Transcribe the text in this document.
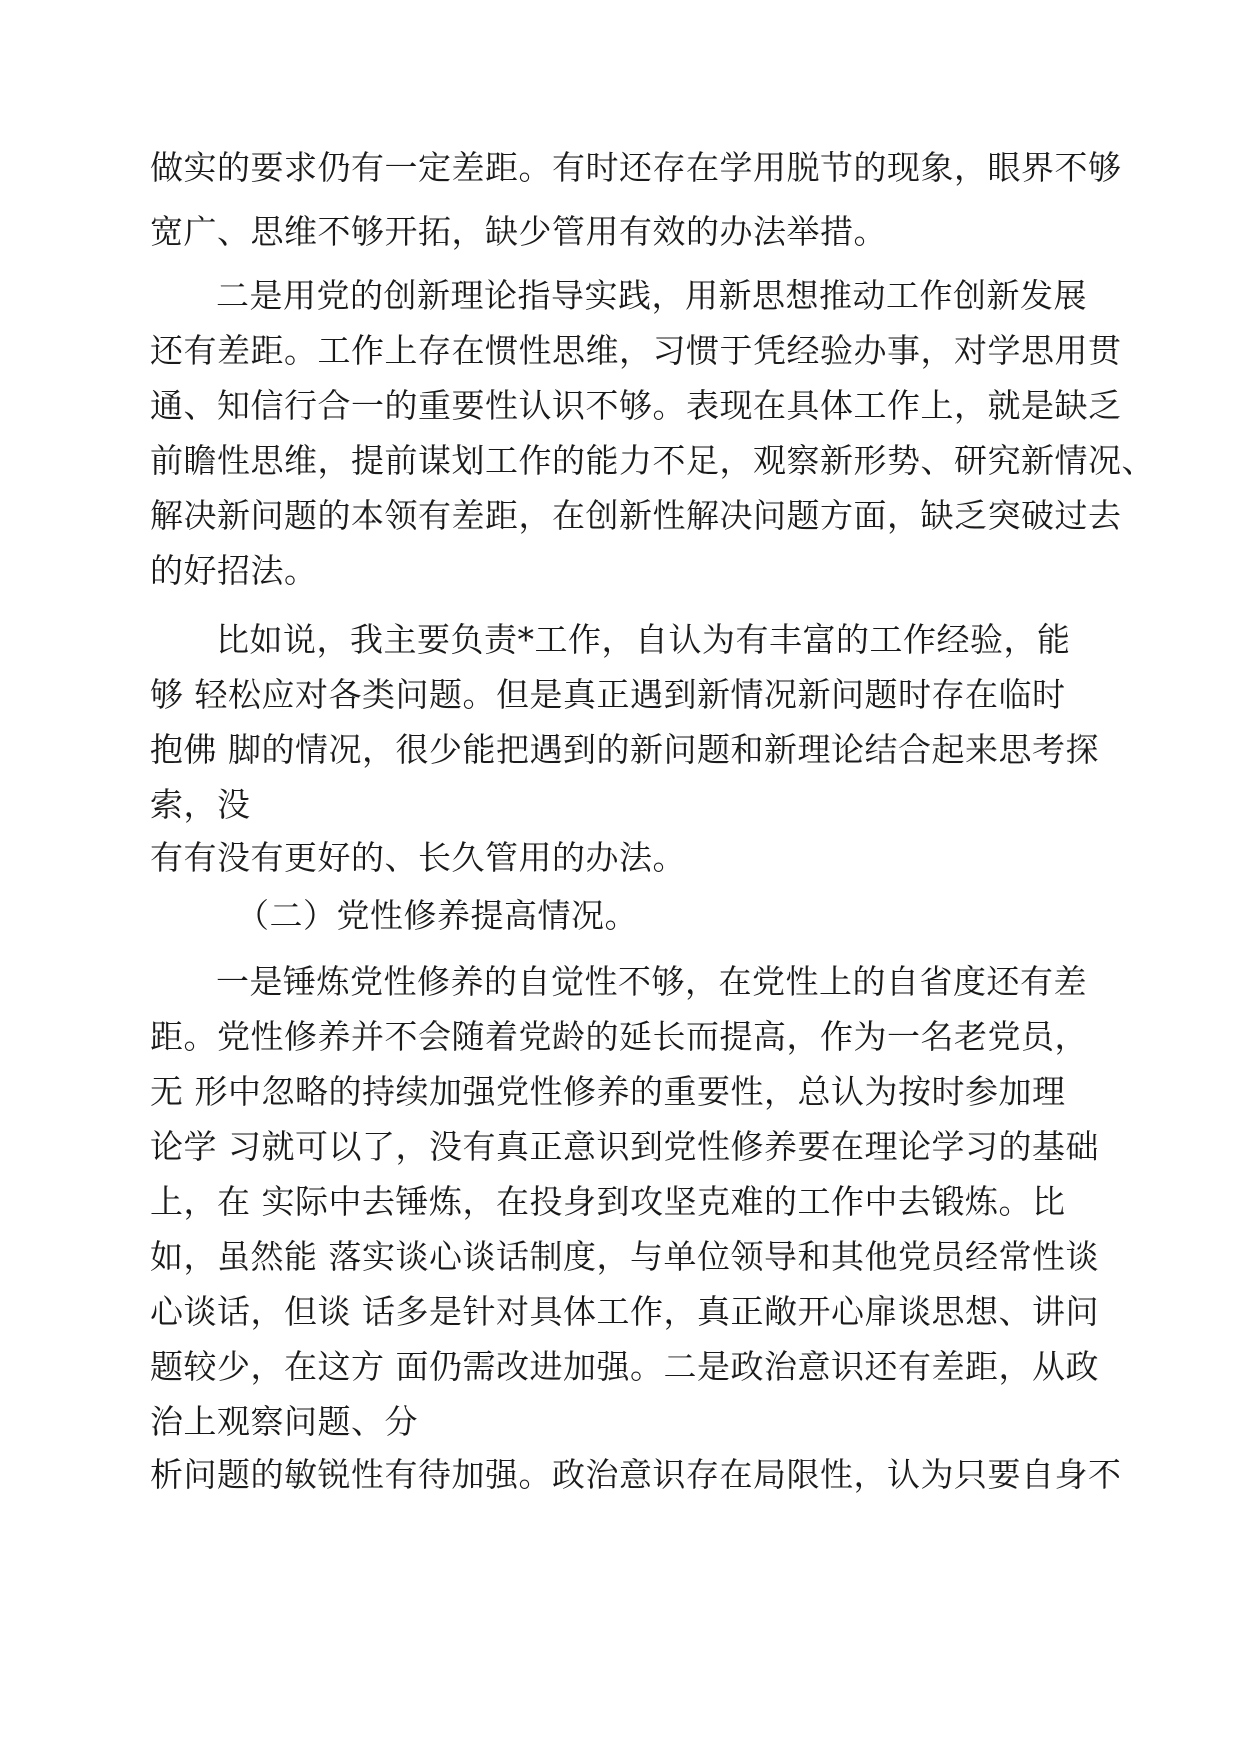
做实的要求仍有一定差距。有时还存在学用脱节的现象，眼界不够
宽广、思维不够开拓，缺少管用有效的办法举措。
二是用党的创新理论指导实践，用新思想推动工作创新发展
还有差距。工作上存在惯性思维，习惯于凭经验办事，对学思用贯
通、知信行合一的重要性认识不够。表现在具体工作上，就是缺乏
前瞻性思维，提前谋划工作的能力不足，观察新形势、研究新情况、
解决新问题的本领有差距，在创新性解决问题方面，缺乏突破过去
的好招法。
比如说，我主要负责*工作，自认为有丰富的工作经验，能
够 轻松应对各类问题。但是真正遇到新情况新问题时存在临时
抱佛 脚的情况，很少能把遇到的新问题和新理论结合起来思考探
索，没
有有没有更好的、长久管用的办法。
（二）党性修养提高情况。
一是锤炼党性修养的自觉性不够，在党性上的自省度还有差
距。党性修养并不会随着党龄的延长而提高，作为一名老党员，
无 形中忽略的持续加强党性修养的重要性，总认为按时参加理
论学 习就可以了，没有真正意识到党性修养要在理论学习的基础
上，在 实际中去锤炼，在投身到攻坚克难的工作中去锻炼。比
如，虽然能 落实谈心谈话制度，与单位领导和其他党员经常性谈
心谈话，但谈 话多是针对具体工作，真正敞开心扉谈思想、讲问
题较少，在这方 面仍需改进加强。二是政治意识还有差距，从政
治上观察问题、分
析问题的敏锐性有待加强。政治意识存在局限性，认为只要自身不
